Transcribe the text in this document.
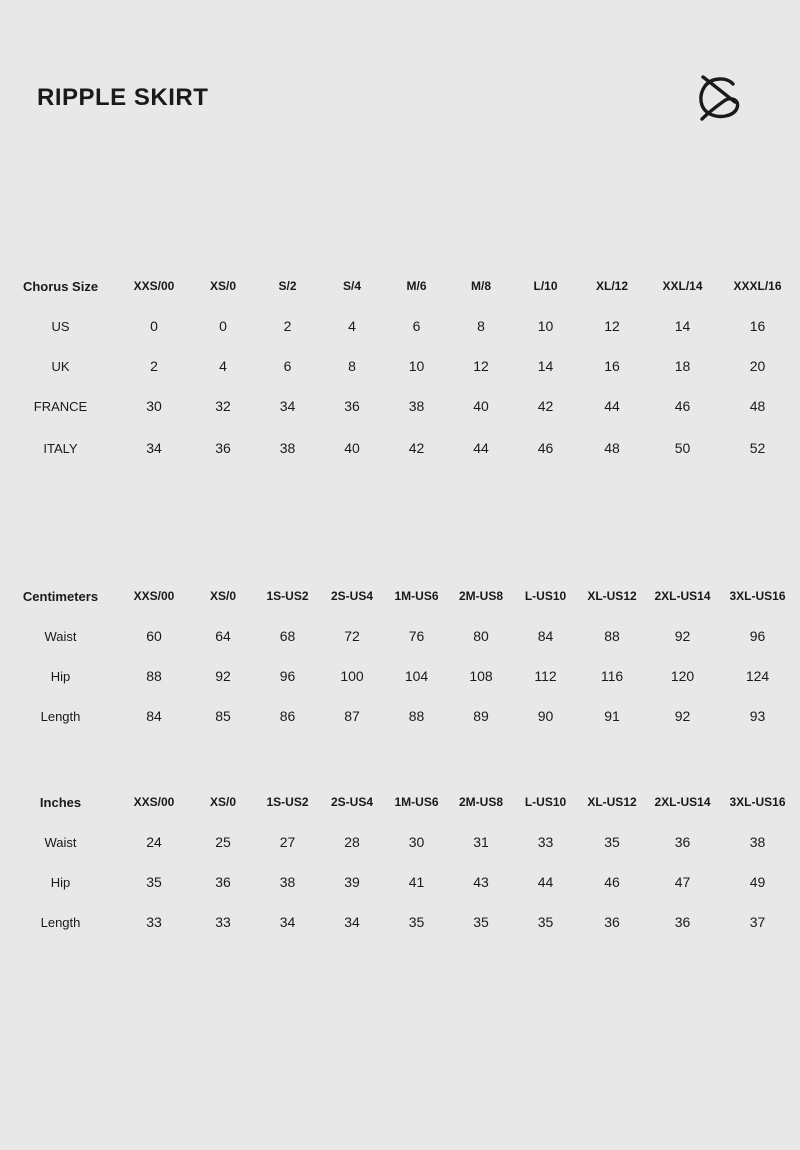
RIPPLE SKIRT
Chorus Size	XXS/00	XS/0	S/2	S/4	M/6	M/8	L/10	XL/12	XXL/14	XXXL/16
US	0	0	2	4	6	8	10	12	14	16
UK	2	4	6	8	10	12	14	16	18	20
FRANCE	30	32	34	36	38	40	42	44	46	48
ITALY	34	36	38	40	42	44	46	48	50	52
Centimeters	XXS/00	XS/0	1S-US2	2S-US4	1M-US6	2M-US8	L-US10	XL-US12	2XL-US14	3XL-US16
Waist	60	64	68	72	76	80	84	88	92	96
Hip	88	92	96	100	104	108	112	116	120	124
Length	84	85	86	87	88	89	90	91	92	93
Inches	XXS/00	XS/0	1S-US2	2S-US4	1M-US6	2M-US8	L-US10	XL-US12	2XL-US14	3XL-US16
Waist	24	25	27	28	30	31	33	35	36	38
Hip	35	36	38	39	41	43	44	46	47	49
Length	33	33	34	34	35	35	35	36	36	37
